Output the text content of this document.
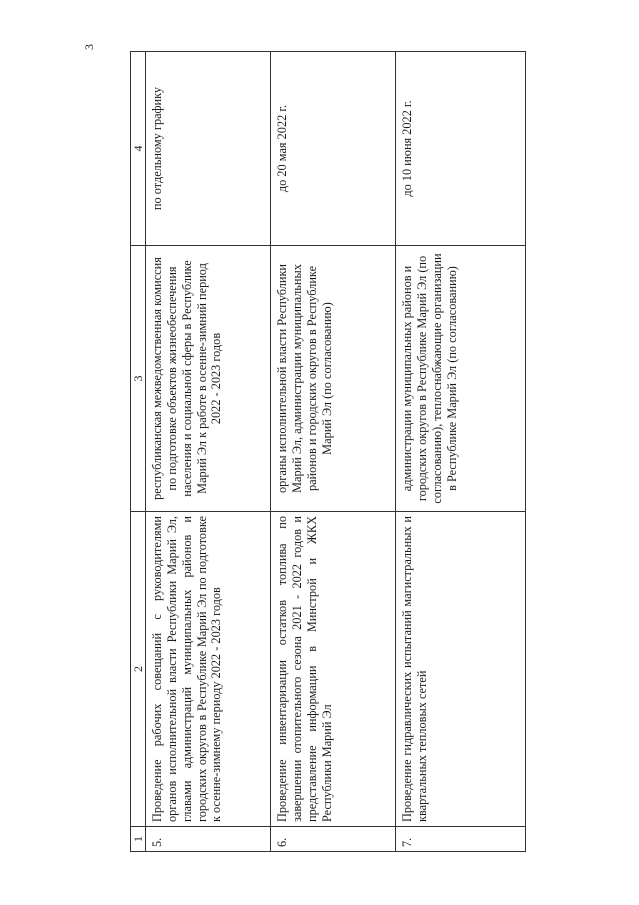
3
1	2	3	4
5.	Проведение рабочих совещаний с руководителями органов исполнительной власти Республики Марий Эл, главами администраций муниципальных районов и городских округов в Республике Марий Эл по подготовке к осенне-зимнему периоду 2022 - 2023 годов	республиканская межведомственная комиссия по подготовке объектов жизнеобеспечения населения и социальной сферы в Республике Марий Эл к работе в осенне-зимний период 2022 - 2023 годов	по отдельному графику
6.	Проведение инвентаризации остатков топлива по завершении отопительного сезона 2021 - 2022 годов и представление информации в Минстрой и ЖКХ Республики Марий Эл	органы исполнительной власти Республики Марий Эл, администрации муниципальных районов и городских округов в Республике Марий Эл (по согласованию)	до 20 мая 2022 г.
7.	Проведение гидравлических испытаний магистральных и квартальных тепловых сетей	администрации муниципальных районов и городских округов в Республике Марий Эл (по согласованию), теплоснабжающие организации в Республике Марий Эл (по согласованию)	до 10 июня 2022 г.
